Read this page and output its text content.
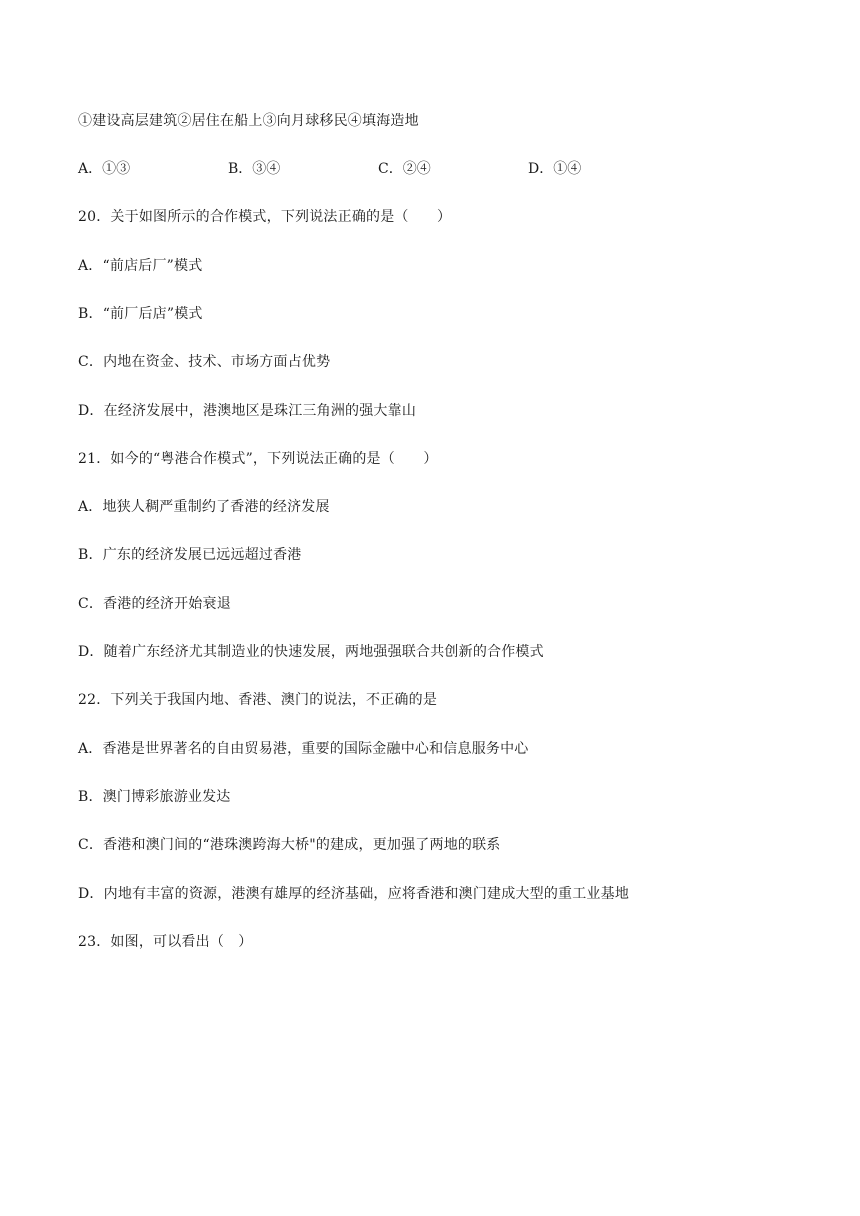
①建设高层建筑②居住在船上③向月球移民④填海造地
A．①③	B．③④	C．②④	D．①④
20．关于如图所示的合作模式，下列说法正确的是（　　）
A．“前店后厂”模式
B．“前厂后店”模式
C．内地在资金、技术、市场方面占优势
D．在经济发展中，港澳地区是珠江三角洲的强大靠山
21．如今的“粤港合作模式”，下列说法正确的是（　　）
A．地狭人稠严重制约了香港的经济发展
B．广东的经济发展已远远超过香港
C．香港的经济开始衰退
D．随着广东经济尤其制造业的快速发展，两地强强联合共创新的合作模式
22．下列关于我国内地、香港、澳门的说法，不正确的是
A．香港是世界著名的自由贸易港，重要的国际金融中心和信息服务中心
B．澳门博彩旅游业发达
C．香港和澳门间的“港珠澳跨海大桥"的建成，更加强了两地的联系
D．内地有丰富的资源，港澳有雄厚的经济基础，应将香港和澳门建成大型的重工业基地
23．如图，可以看出（　）
